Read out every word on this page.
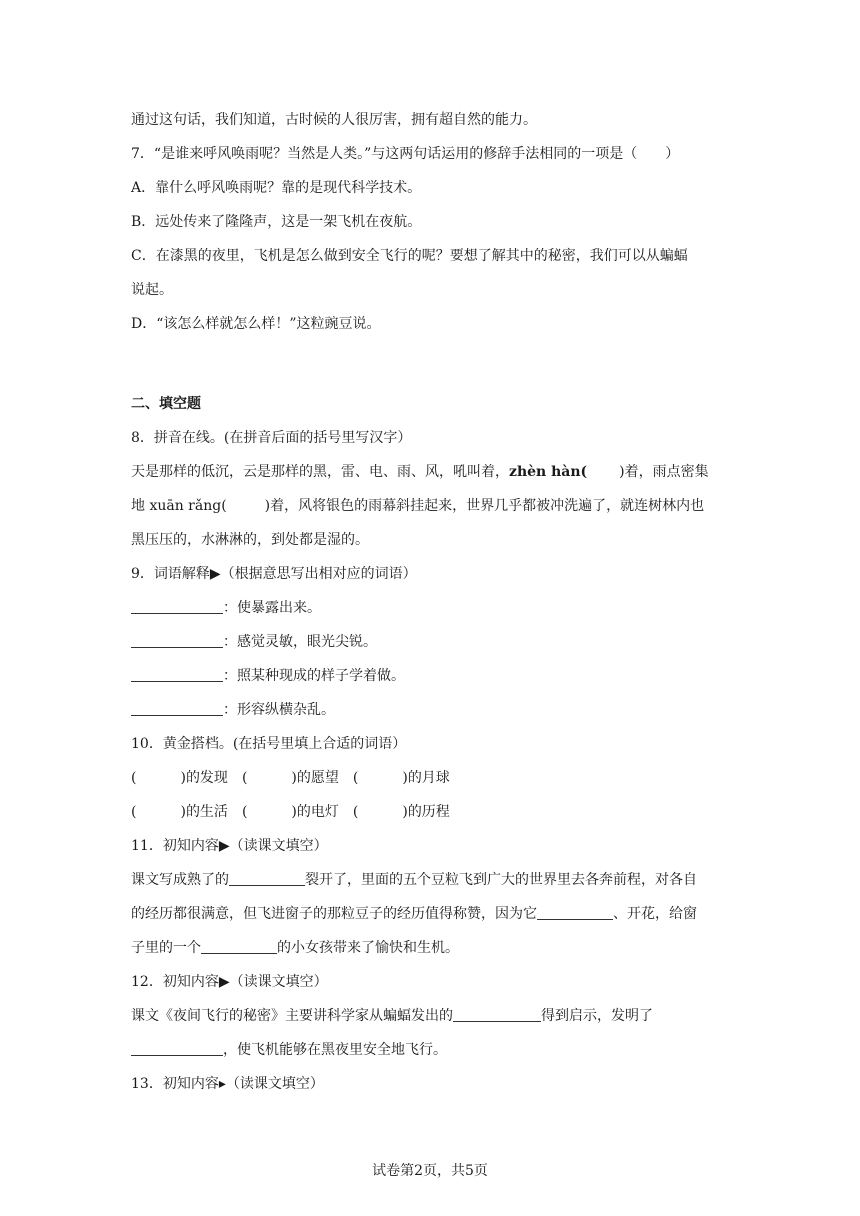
通过这句话，我们知道，古时候的人很厉害，拥有超自然的能力。
7．“是谁来呼风唤雨呢？当然是人类。”与这两句话运用的修辞手法相同的一项是（　　）
A．靠什么呼风唤雨呢？靠的是现代科学技术。
B．远处传来了隆隆声，这是一架飞机在夜航。
C．在漆黑的夜里，飞机是怎么做到安全飞行的呢？要想了解其中的秘密，我们可以从蝙蝠
说起。
D．“该怎么样就怎么样！”这粒豌豆说。
二、填空题
8．拼音在线。(在拼音后面的括号里写汉字）
天是那样的低沉，云是那样的黑，雷、电、雨、风，吼叫着，zhèn hàn( )着，雨点密集
地 xuān rǎng(	)着，风将银色的雨幕斜挂起来，世界几乎都被冲洗遍了，就连树林内也
黑压压的，水淋淋的，到处都是湿的。
9．词语解释▶（根据意思写出相对应的词语）
：使暴露出来。
：感觉灵敏，眼光尖锐。
：照某种现成的样子学着做。
：形容纵横杂乱。
10．黄金搭档。(在括号里填上合适的词语）
(	)的发现 (	)的愿望 (	)的月球
(	)的生活 (	)的电灯 (	)的历程
11．初知内容▶（读课文填空）
课文写成熟了的	裂开了，里面的五个豆粒飞到广大的世界里去各奔前程，对各自
的经历都很满意，但飞进窗子的那粒豆子的经历值得称赞，因为它	、开花，给窗
子里的一个	的小女孩带来了愉快和生机。
12．初知内容▶（读课文填空）
课文《夜间飞行的秘密》主要讲科学家从蝙蝠发出的	得到启示，发明了
，使飞机能够在黑夜里安全地飞行。
13．初知内容▸（读课文填空）
试卷第2页，共5页
